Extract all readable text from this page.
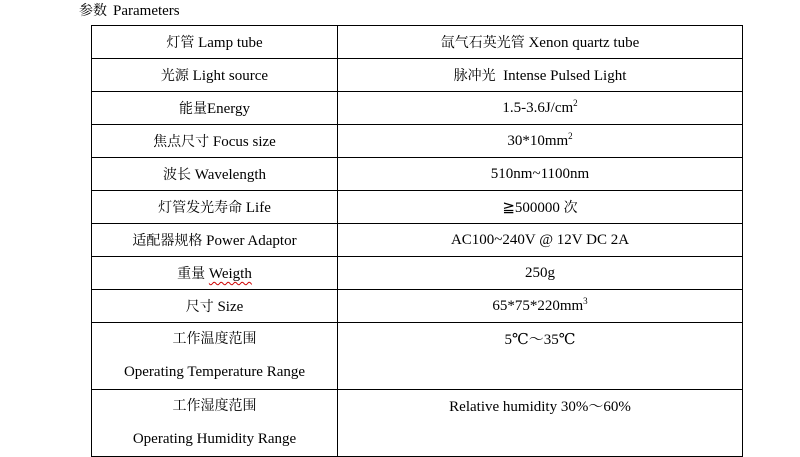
参数 Parameters
灯管 Lamp tube	氙气石英光管 Xenon quartz tube
光源 Light source	脉冲光 Intense Pulsed Light
能量Energy	$1.5-3.6J/cm^2$
焦点尺寸 Focus size	$30*10mm^2$
波长 Wavelength	510nm~1100nm
灯管发光寿命 Life	≧500000 次
适配器规格 Power Adaptor	AC100~240V @ 12V DC 2A
重量 Weigth	250g
尺寸 Size	$65*75*220mm^3$

工作温度范围
Operating Temperature Range	5℃～35℃

工作湿度范围
Operating Humidity Range	Relative humidity 30%～60%
